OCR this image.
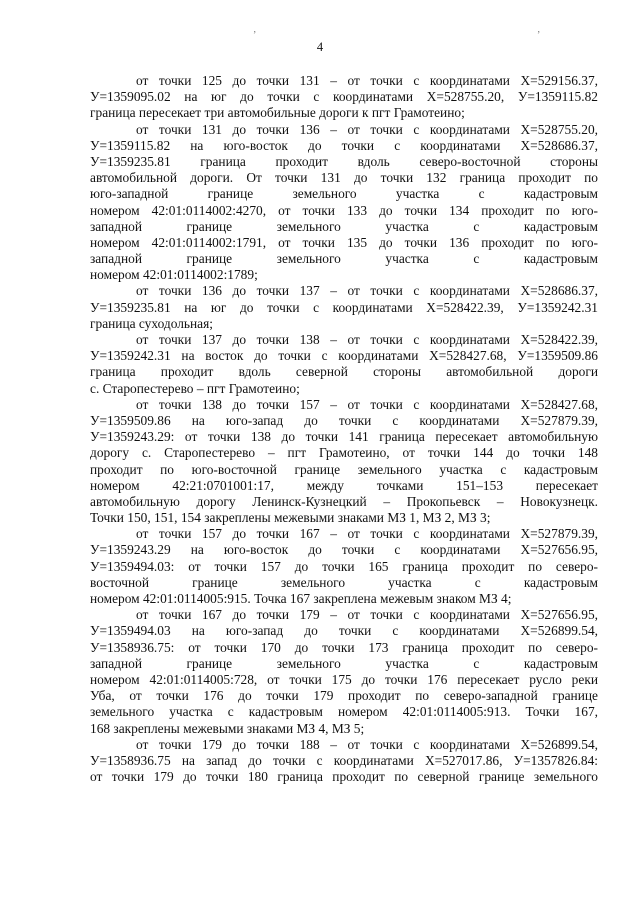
’	’
4

от точки 125 до точки 131 – от точки с координатами X=529156.37,
У=1359095.02 на юг до точки с координатами X=528755.20, У=1359115.82
граница пересекает три автомобильные дороги к пгт Грамотеино;

от точки 131 до точки 136 – от точки с координатами X=528755.20,
У=1359115.82 на юго-восток до точки с координатами X=528686.37,
У=1359235.81 граница проходит вдоль северо-восточной стороны
автомобильной дороги. От точки 131 до точки 132 граница проходит по
юго-западной границе земельного участка с кадастровым
номером 42:01:0114002:4270, от точки 133 до точки 134 проходит по юго-
западной границе земельного участка с кадастровым
номером 42:01:0114002:1791, от точки 135 до точки 136 проходит по юго-
западной границе земельного участка с кадастровым
номером 42:01:0114002:1789;

от точки 136 до точки 137 – от точки с координатами X=528686.37,
У=1359235.81 на юг до точки с координатами X=528422.39, У=1359242.31
граница суходольная;

от точки 137 до точки 138 – от точки с координатами X=528422.39,
У=1359242.31 на восток до точки с координатами X=528427.68, У=1359509.86
граница проходит вдоль северной стороны автомобильной дороги
с. Старопестерево – пгт Грамотеино;

от точки 138 до точки 157 – от точки с координатами X=528427.68,
У=1359509.86 на юго-запад до точки с координатами X=527879.39,
У=1359243.29: от точки 138 до точки 141 граница пересекает автомобильную
дорогу с. Старопестерево – пгт Грамотеино, от точки 144 до точки 148
проходит по юго-восточной границе земельного участка с кадастровым
номером 42:21:0701001:17, между точками 151–153 пересекает
автомобильную дорогу Ленинск-Кузнецкий – Прокопьевск – Новокузнецк.
Точки 150, 151, 154 закреплены межевыми знаками МЗ 1, МЗ 2, МЗ 3;

от точки 157 до точки 167 – от точки с координатами X=527879.39,
У=1359243.29 на юго-восток до точки с координатами X=527656.95,
У=1359494.03: от точки 157 до точки 165 граница проходит по северо-
восточной границе земельного участка с кадастровым
номером 42:01:0114005:915. Точка 167 закреплена межевым знаком МЗ 4;

от точки 167 до точки 179 – от точки с координатами X=527656.95,
У=1359494.03 на юго-запад до точки с координатами X=526899.54,
У=1358936.75: от точки 170 до точки 173 граница проходит по северо-
западной границе земельного участка с кадастровым
номером 42:01:0114005:728, от точки 175 до точки 176 пересекает русло реки
Уба, от точки 176 до точки 179 проходит по северо-западной границе
земельного участка с кадастровым номером 42:01:0114005:913. Точки 167,
168 закреплены межевыми знаками МЗ 4, МЗ 5;

от точки 179 до точки 188 – от точки с координатами X=526899.54,
У=1358936.75 на запад до точки с координатами X=527017.86, У=1357826.84:
от точки 179 до точки 180 граница проходит по северной границе земельного
